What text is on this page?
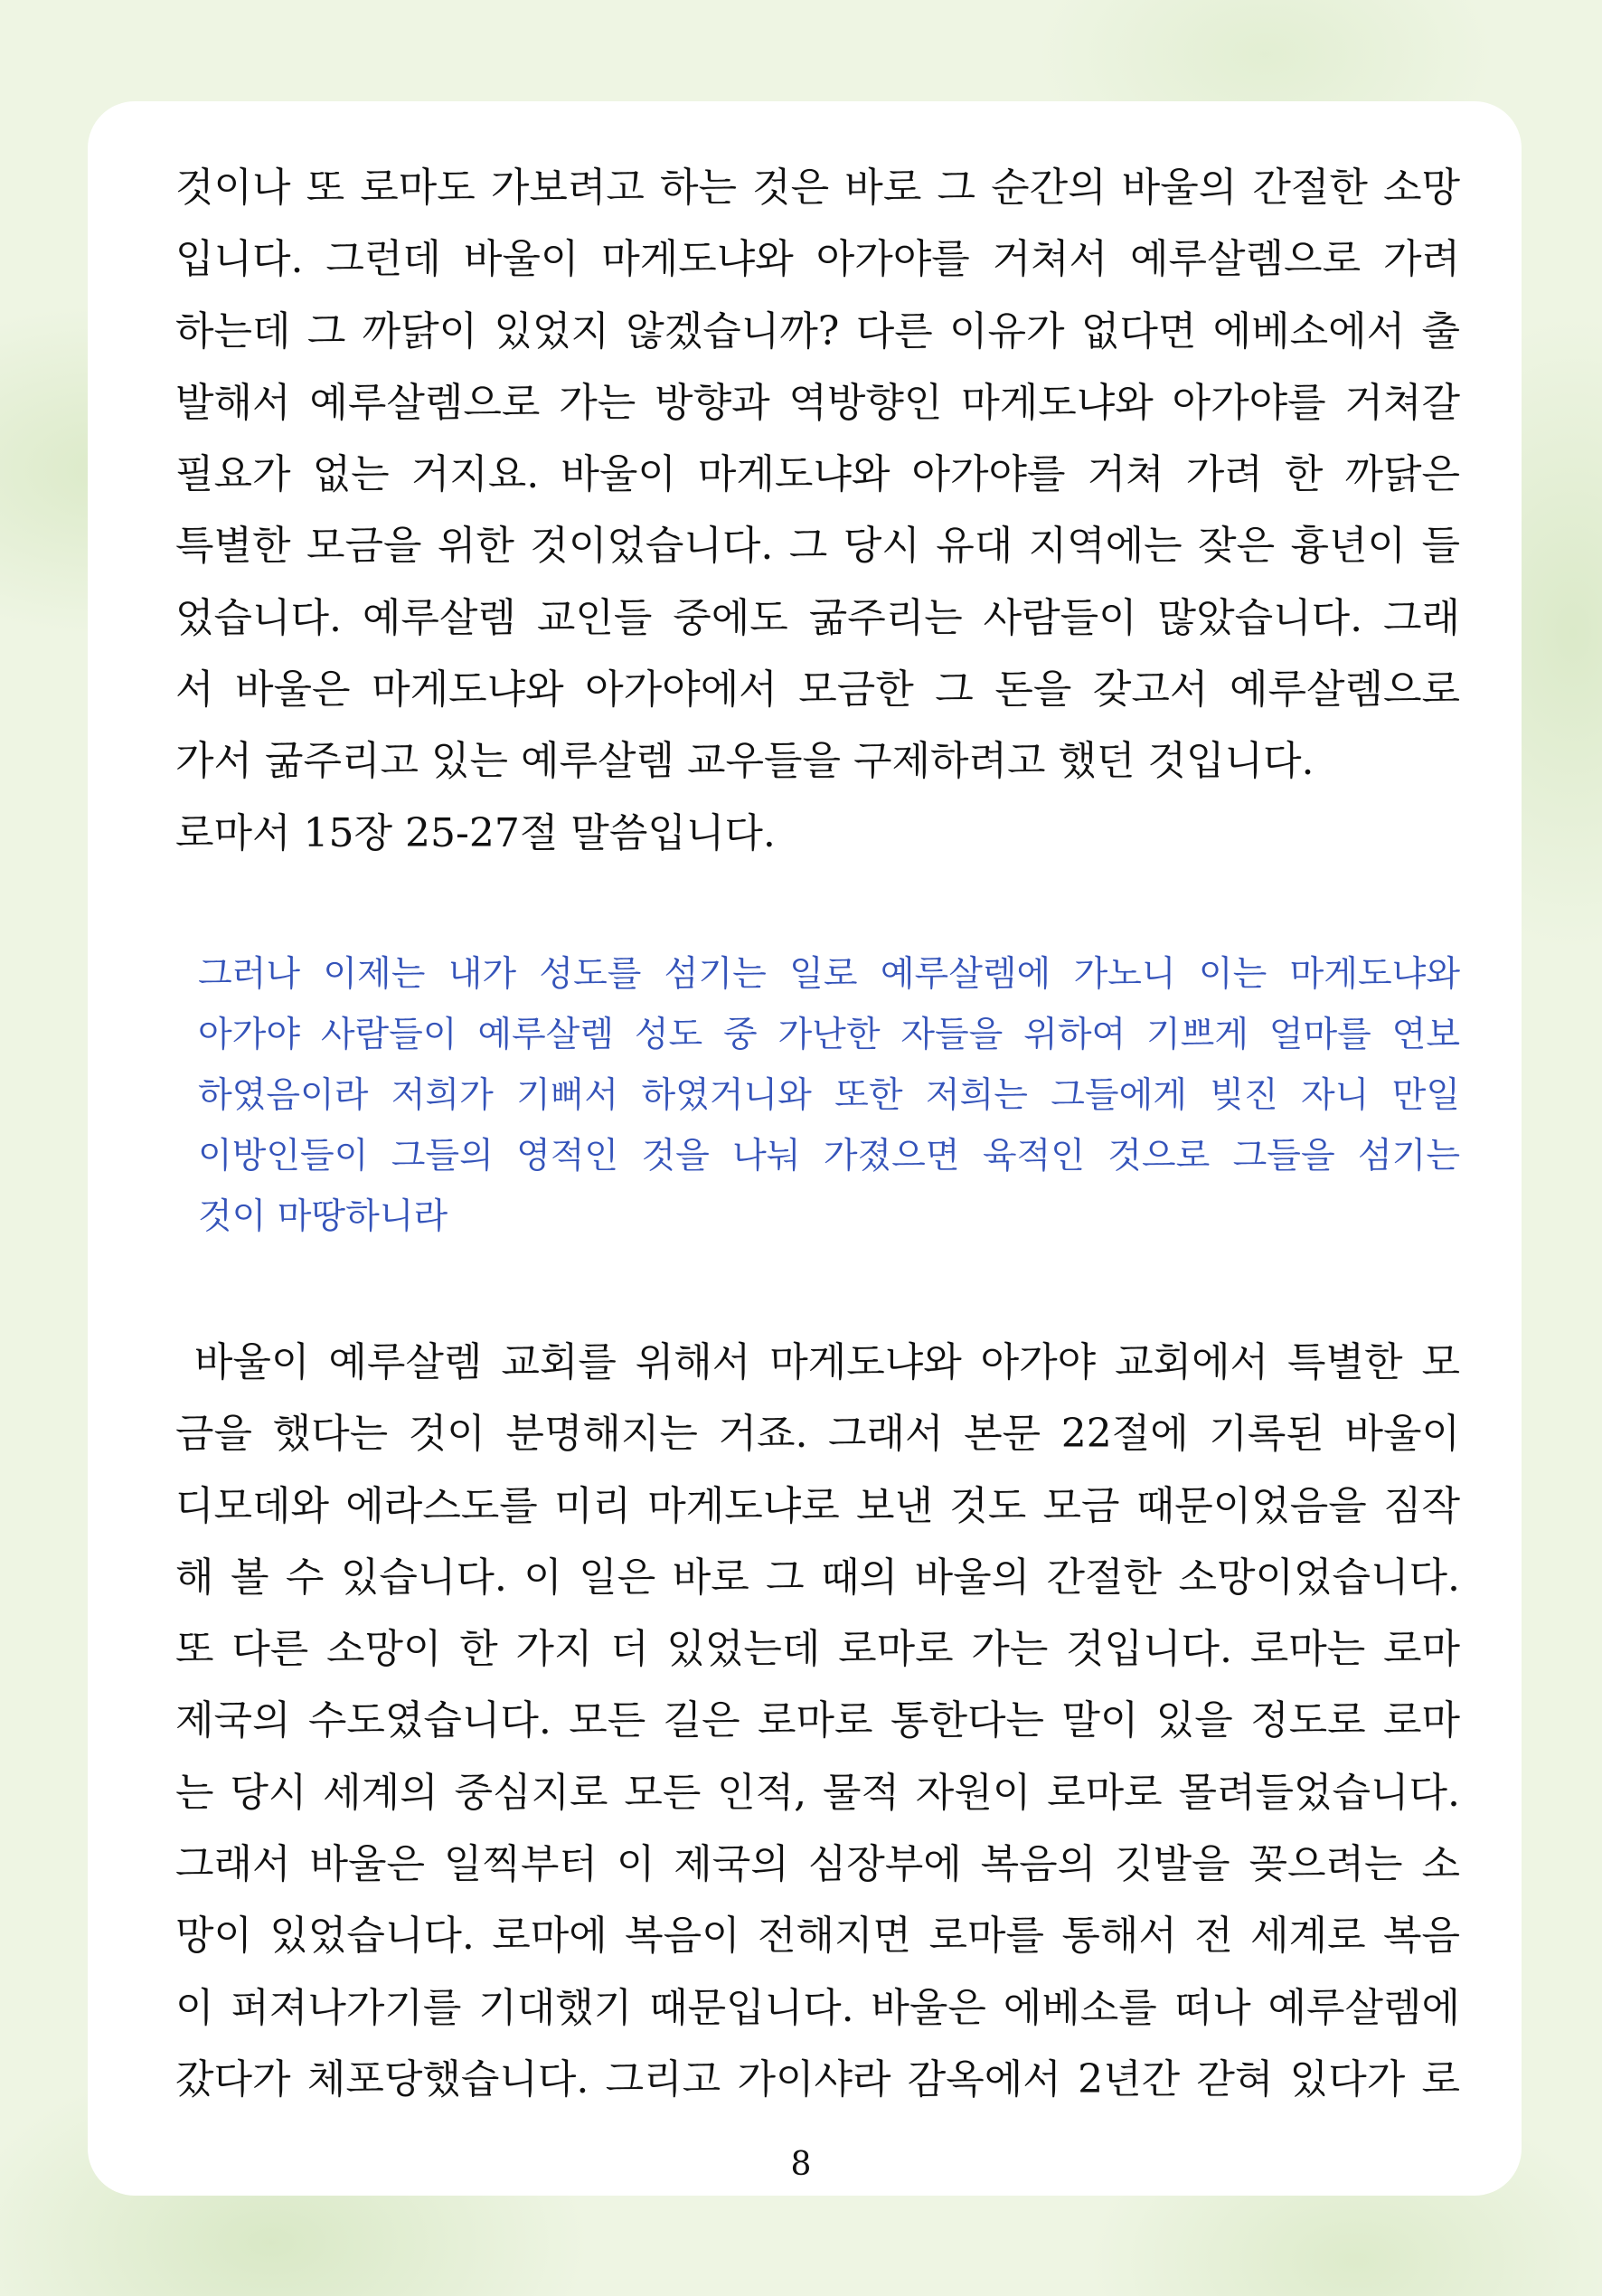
것이나 또 로마도 가보려고 하는 것은 바로 그 순간의 바울의 간절한 소망
입니다. 그런데 바울이 마게도냐와 아가야를 거쳐서 예루살렘으로 가려
하는데 그 까닭이 있었지 않겠습니까? 다른 이유가 없다면 에베소에서 출
발해서 예루살렘으로 가는 방향과 역방향인 마게도냐와 아가야를 거쳐갈
필요가 없는 거지요. 바울이 마게도냐와 아가야를 거쳐 가려 한 까닭은
특별한 모금을 위한 것이었습니다. 그 당시 유대 지역에는 잦은 흉년이 들
었습니다. 예루살렘 교인들 중에도 굶주리는 사람들이 많았습니다. 그래
서 바울은 마게도냐와 아가야에서 모금한 그 돈을 갖고서 예루살렘으로
가서 굶주리고 있는 예루살렘 교우들을 구제하려고 했던 것입니다.
로마서 15장 25-27절 말씀입니다.
그러나 이제는 내가 성도를 섬기는 일로 예루살렘에 가노니 이는 마게도냐와
아가야 사람들이 예루살렘 성도 중 가난한 자들을 위하여 기쁘게 얼마를 연보
하였음이라 저희가 기뻐서 하였거니와 또한 저희는 그들에게 빚진 자니 만일
이방인들이 그들의 영적인 것을 나눠 가졌으면 육적인 것으로 그들을 섬기는
것이 마땅하니라
바울이 예루살렘 교회를 위해서 마게도냐와 아가야 교회에서 특별한 모
금을 했다는 것이 분명해지는 거죠. 그래서 본문 22절에 기록된 바울이
디모데와 에라스도를 미리 마게도냐로 보낸 것도 모금 때문이었음을 짐작
해 볼 수 있습니다. 이 일은 바로 그 때의 바울의 간절한 소망이었습니다.
또 다른 소망이 한 가지 더 있었는데 로마로 가는 것입니다. 로마는 로마
제국의 수도였습니다. 모든 길은 로마로 통한다는 말이 있을 정도로 로마
는 당시 세계의 중심지로 모든 인적, 물적 자원이 로마로 몰려들었습니다.
그래서 바울은 일찍부터 이 제국의 심장부에 복음의 깃발을 꽂으려는 소
망이 있었습니다. 로마에 복음이 전해지면 로마를 통해서 전 세계로 복음
이 퍼져나가기를 기대했기 때문입니다. 바울은 에베소를 떠나 예루살렘에
갔다가 체포당했습니다. 그리고 가이샤라 감옥에서 2년간 갇혀 있다가 로
8
